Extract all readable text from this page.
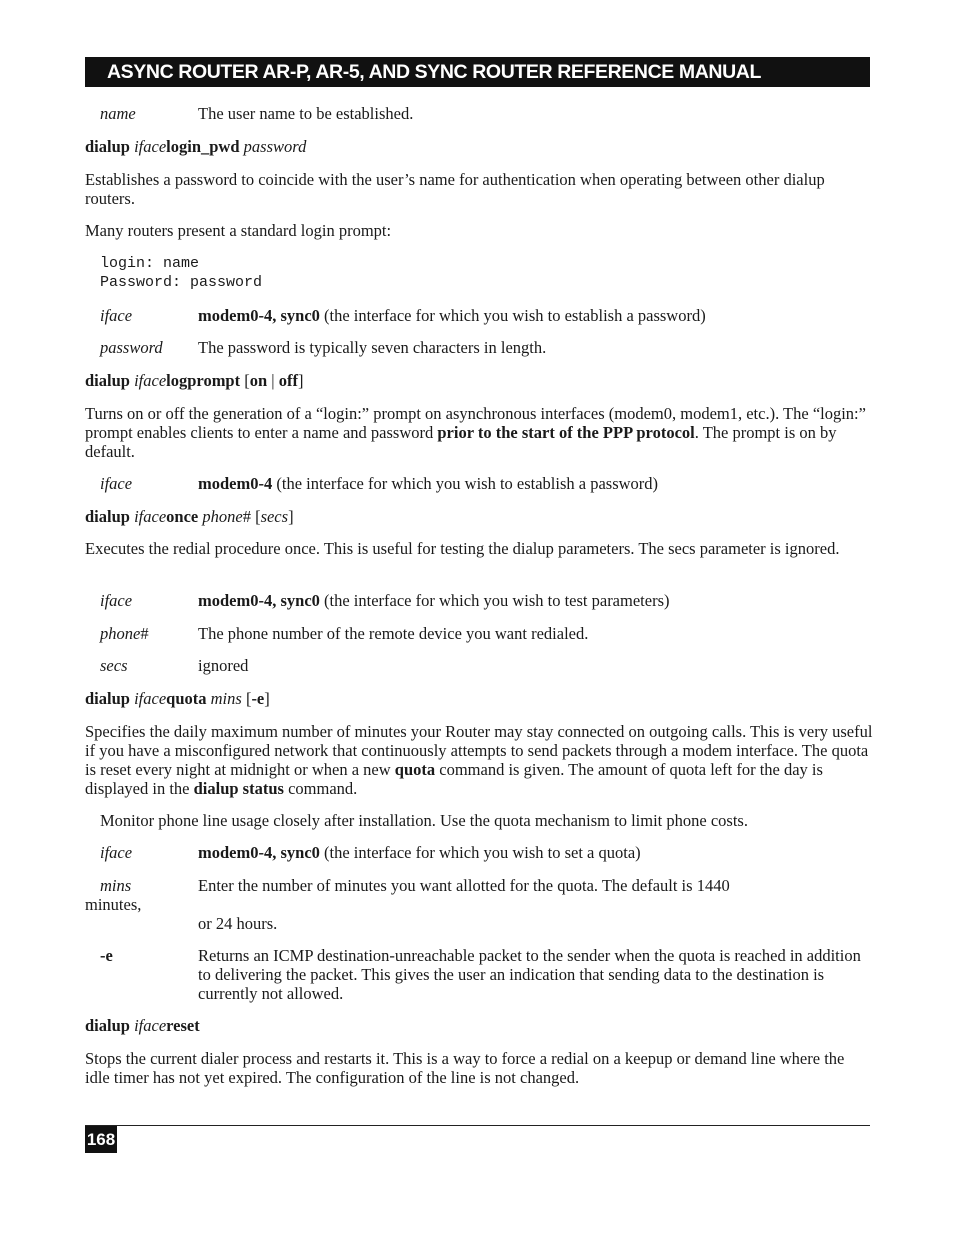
ASYNC ROUTER AR-P, AR-5, AND SYNC ROUTER REFERENCE MANUAL
name	The user name to be established.
dialup ifacelogin_pwd password

Establishes a password to coincide with the user’s name for authentication when operating between other dialup routers.

Many routers present a standard login prompt:

login: name
Password: password
iface	modem0-4, sync0 (the interface for which you wish to establish a password)
password The password is typically seven characters in length.
dialup ifacelogprompt [on | off]

Turns on or off the generation of a “login:” prompt on asynchronous interfaces (modem0, modem1, etc.). The “login:” prompt enables clients to enter a name and password prior to the start of the PPP protocol. The prompt is on by default.

iface	modem0-4 (the interface for which you wish to establish a password)
dialup ifaceonce phone# [secs]

Executes the redial procedure once. This is useful for testing the dialup parameters. The secs parameter is ignored.

iface	modem0-4, sync0 (the interface for which you wish to test parameters)
phone#	The phone number of the remote device you want redialed.
secs	ignored
dialup ifacequota mins [-e]

Specifies the daily maximum number of minutes your Router may stay connected on outgoing calls. This is very useful if you have a misconfigured network that continuously attempts to send packets through a modem interface. The quota is reset every night at midnight or when a new quota command is given. The amount of quota left for the day is displayed in the dialup status command.

Monitor phone line usage closely after installation. Use the quota mechanism to limit phone costs.

iface	modem0-4, sync0 (the interface for which you wish to set a quota)
mins	Enter the number of minutes you want allotted for the quota. The default is 1440
minutes,
or 24 hours.
-e	Returns an ICMP destination-unreachable packet to the sender when the quota is reached in addition to delivering the packet. This gives the user an indication that sending data to the destination is currently not allowed.
dialup ifacereset

Stops the current dialer process and restarts it. This is a way to force a redial on a keepup or demand line where the idle timer has not yet expired. The configuration of the line is not changed.

168
